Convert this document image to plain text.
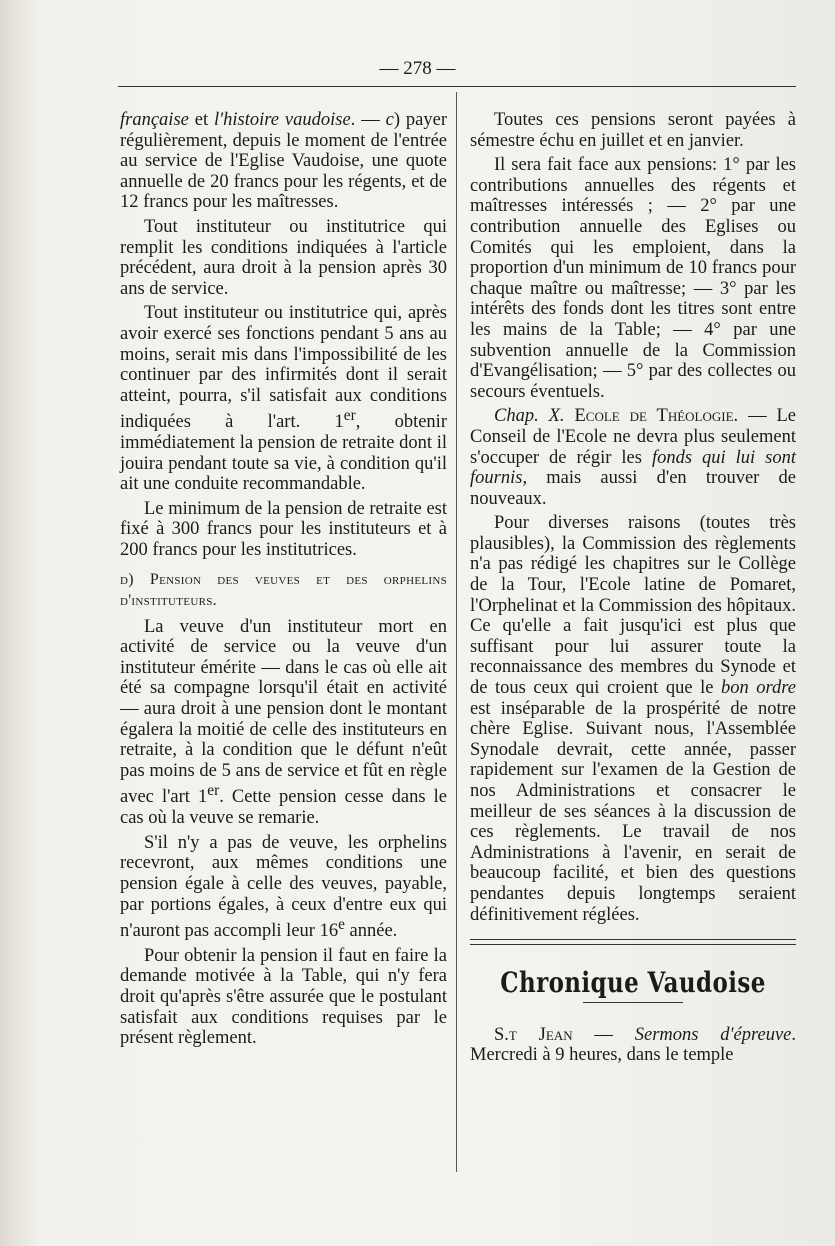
— 278 —

française et l'histoire vaudoise. — c) payer régulièrement, depuis le moment de l'entrée au service de l'Eglise Vaudoise, une quote annuelle de 20 francs pour les régents, et de 12 francs pour les maîtresses.

Tout instituteur ou institutrice qui remplit les conditions indiquées à l'article précédent, aura droit à la pension après 30 ans de service.

Tout instituteur ou institutrice qui, après avoir exercé ses fonctions pendant 5 ans au moins, serait mis dans l'impossibilité de les continuer par des infirmités dont il serait atteint, pourra, s'il satisfait aux conditions indiquées à l'art. 1er, obtenir immédiatement la pension de retraite dont il jouira pendant toute sa vie, à condition qu'il ait une conduite recommandable.

Le minimum de la pension de retraite est fixé à 300 francs pour les instituteurs et à 200 francs pour les institutrices.

d) Pension des veuves et des orphelins d'instituteurs.

La veuve d'un instituteur mort en activité de service ou la veuve d'un instituteur émérite — dans le cas où elle ait été sa compagne lorsqu'il était en activité — aura droit à une pension dont le montant égalera la moitié de celle des instituteurs en retraite, à la condition que le défunt n'eût pas moins de 5 ans de service et fût en règle avec l'art 1er. Cette pension cesse dans le cas où la veuve se remarie.

S'il n'y a pas de veuve, les orphelins recevront, aux mêmes conditions une pension égale à celle des veuves, payable, par portions égales, à ceux d'entre eux qui n'auront pas accompli leur 16e année.

Pour obtenir la pension il faut en faire la demande motivée à la Table, qui n'y fera droit qu'après s'être assurée que le postulant satisfait aux conditions requises par le présent règlement.

Toutes ces pensions seront payées à sémestre échu en juillet et en janvier.

Il sera fait face aux pensions: 1° par les contributions annuelles des régents et maîtresses intéressés ; — 2° par une contribution annuelle des Eglises ou Comités qui les emploient, dans la proportion d'un minimum de 10 francs pour chaque maître ou maîtresse; — 3° par les intérêts des fonds dont les titres sont entre les mains de la Table; — 4° par une subvention annuelle de la Commission d'Evangélisation; — 5° par des collectes ou secours éventuels.

Chap. X. Ecole de Théologie. — Le Conseil de l'Ecole ne devra plus seulement s'occuper de régir les fonds qui lui sont fournis, mais aussi d'en trouver de nouveaux.

Pour diverses raisons (toutes très plausibles), la Commission des règlements n'a pas rédigé les chapitres sur le Collège de la Tour, l'Ecole latine de Pomaret, l'Orphelinat et la Commission des hôpitaux. Ce qu'elle a fait jusqu'ici est plus que suffisant pour lui assurer toute la reconnaissance des membres du Synode et de tous ceux qui croient que le bon ordre est inséparable de la prospérité de notre chère Eglise. Suivant nous, l'Assemblée Synodale devrait, cette année, passer rapidement sur l'examen de la Gestion de nos Administrations et consacrer le meilleur de ses séances à la discussion de ces règlements. Le travail de nos Administrations à l'avenir, en serait de beaucoup facilité, et bien des questions pendantes depuis longtemps seraient définitivement réglées.

Chronique Vaudoise

S.t Jean — Sermons d'épreuve. Mercredi à 9 heures, dans le temple
